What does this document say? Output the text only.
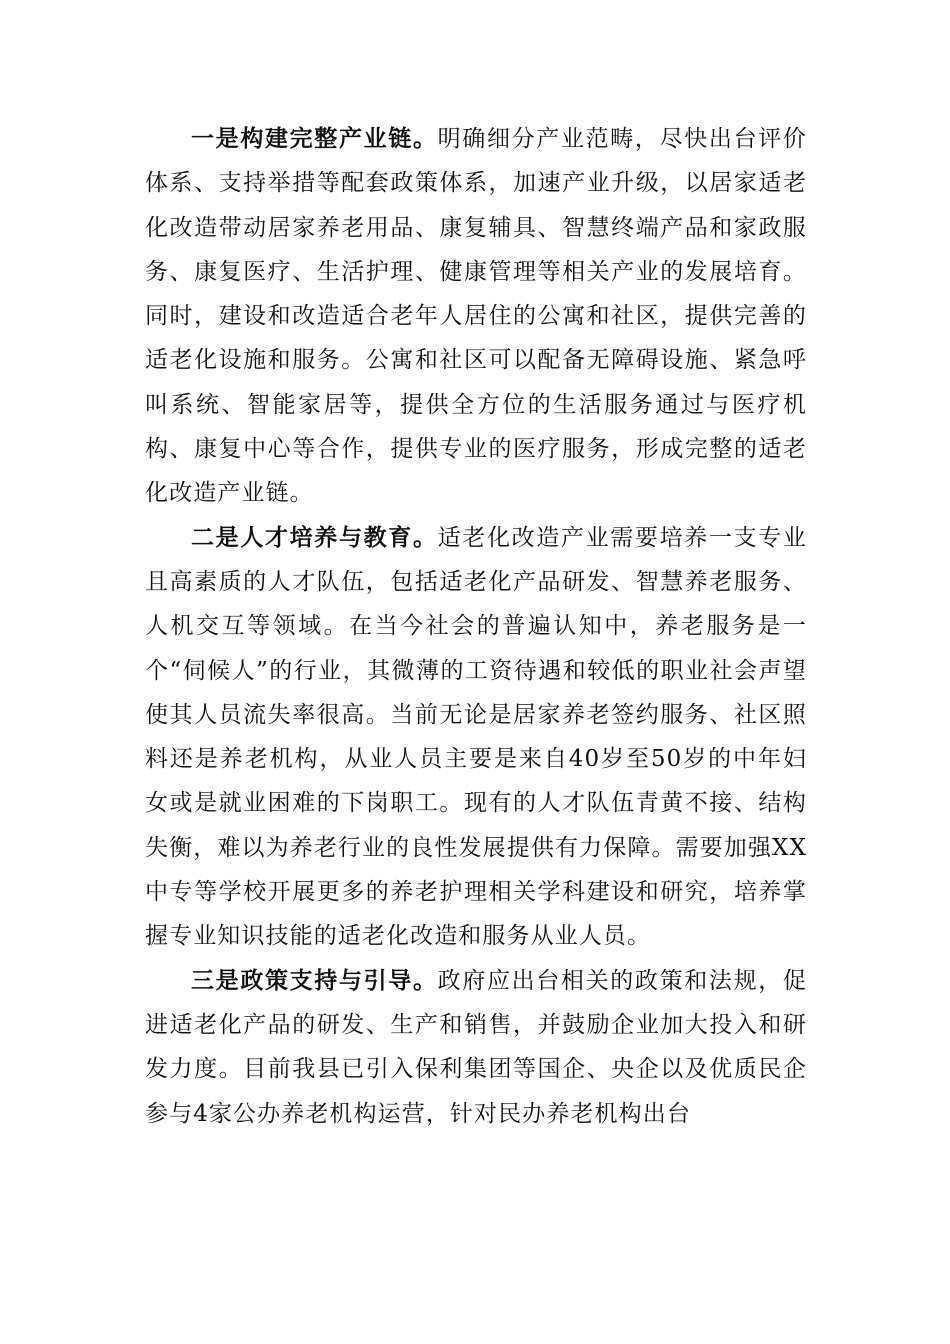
一是构建完整产业链。明确细分产业范畴，尽快出台评价体系、支持举措等配套政策体系，加速产业升级，以居家适老化改造带动居家养老用品、康复辅具、智慧终端产品和家政服务、康复医疗、生活护理、健康管理等相关产业的发展培育。同时，建设和改造适合老年人居住的公寓和社区，提供完善的适老化设施和服务。公寓和社区可以配备无障碍设施、紧急呼叫系统、智能家居等，提供全方位的生活服务通过与医疗机构、康复中心等合作，提供专业的医疗服务，形成完整的适老化改造产业链。

二是人才培养与教育。适老化改造产业需要培养一支专业且高素质的人才队伍，包括适老化产品研发、智慧养老服务、人机交互等领域。在当今社会的普遍认知中，养老服务是一个“伺候人”的行业，其微薄的工资待遇和较低的职业社会声望使其人员流失率很高。当前无论是居家养老签约服务、社区照料还是养老机构，从业人员主要是来自40岁至50岁的中年妇女或是就业困难的下岗职工。现有的人才队伍青黄不接、结构失衡，难以为养老行业的良性发展提供有力保障。需要加强XX中专等学校开展更多的养老护理相关学科建设和研究，培养掌握专业知识技能的适老化改造和服务从业人员。

三是政策支持与引导。政府应出台相关的政策和法规，促进适老化产品的研发、生产和销售，并鼓励企业加大投入和研发力度。目前我县已引入保利集团等国企、央企以及优质民企参与4家公办养老机构运营，针对民办养老机构出台
